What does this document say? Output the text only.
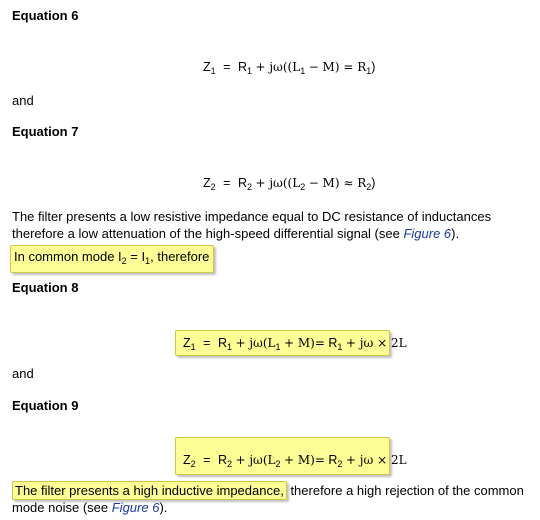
Equation 6
$Z_1 = R_1 + j\omega((L_1 - M) = R_1)$
and
Equation 7
$Z_2 = R_2 + j\omega((L_2 - M) \approx R_2)$
The filter presents a low resistive impedance equal to DC resistance of inductances
therefore a low attenuation of the high-speed differential signal (see Figure 6).
In common mode $I_2 = I_1$, therefore
Equation 8
$Z_1 = R_1 + j\omega(L_1 + M)= R_1 + j\omega \times 2L$
and
Equation 9
$Z_2 = R_2 + j\omega(L_2 + M)= R_2 + j\omega \times 2L$
The filter presents a high inductive impedance, therefore a high rejection of the common
mode noise (see Figure 6).
